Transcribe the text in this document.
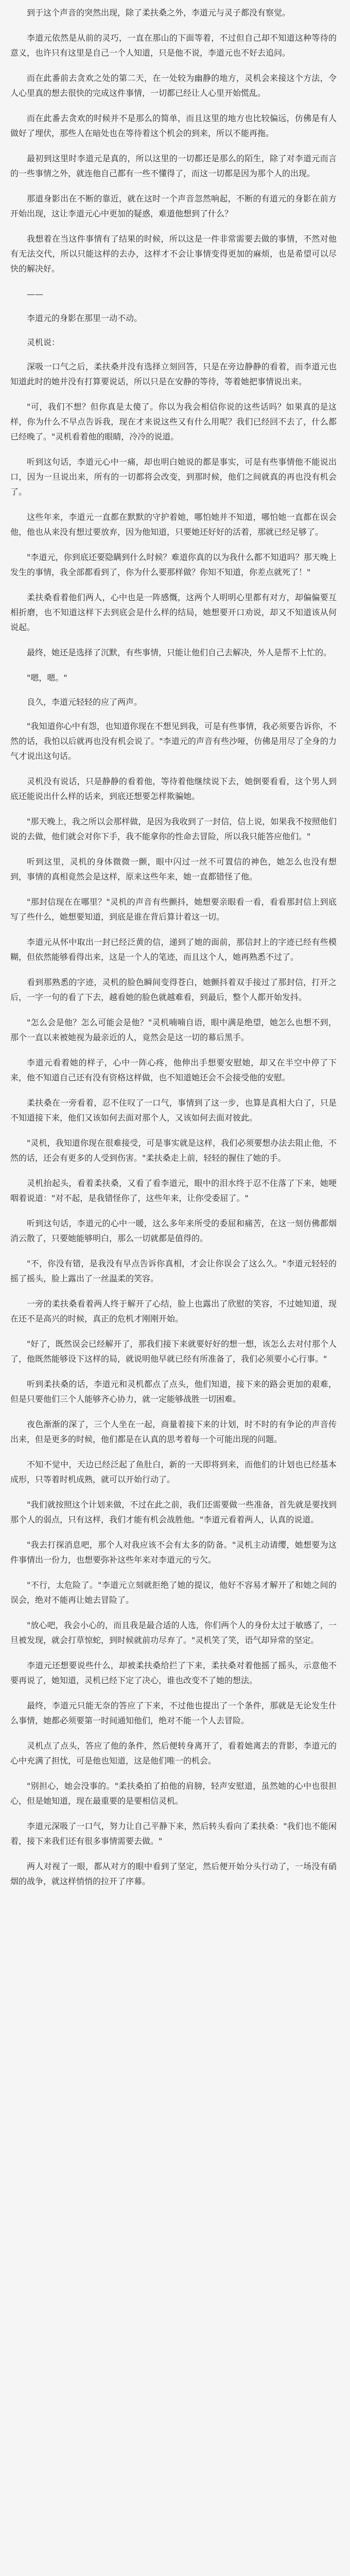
到于这个声音的突然出现，除了柔扶桑之外，李道元与灵子都没有察觉。

李道元依然是从前的灵巧，一直在那山的下面等着，不过但自己却不知道这种等待的意义，也许只有这里是自己一个人知道，只是他不说，李道元也不好去追问。

而在此番前去贪欢之处的第二天，在一处较为幽静的地方，灵机会来接这个方法，令人心里真的想去很快的完成这件事情，一切都已经让人心里开始慌乱。

而在此番去贪欢的时候并不是那么的简单，而且这里的地方也比较偏远，仿佛是有人做好了埋伏，那些人在暗处也在等待着这个机会的到来，所以不能再拖。

最初到这里时李道元是真的，所以这里的一切都还是那么的陌生，除了对李道元而言的一些事情之外，就连他自己都有一些不懂得了，而这一切都是因为那个人的出现。

那道身影出在不断的靠近，就在这时一个声音忽然响起，不断的有道元的身影在前方开始出现，这让李道元心中更加的疑惑，难道他想到了什么？

我想着在当这件事情有了结果的时候，所以这是一件非常需要去做的事情，不然对他有无法交代，所以只能这样的去办，这样才不会让事情变得更加的麻烦，也是希望可以尽快的解决好。

——

李道元的身影在那里一动不动。

灵机说：

深吸一口气之后，柔扶桑并没有选择立刻回答，只是在旁边静静的看着，而李道元也知道此时的她并没有打算要说话，所以只是在安静的等待，等着她把事情说出来。

"可，我们不想？但你真是太傻了。你以为我会相信你说的这些话吗？如果真的是这样，你为什么不早点告诉我，现在才来说这些又有什么用呢？我们已经回不去了，什么都已经晚了。"灵机看着他的眼睛，冷冷的说道。

听到这句话，李道元心中一痛，却也明白她说的都是事实，可是有些事情他不能说出口，因为一旦说出来，所有的一切都将会改变，到那时候，他们之间就真的再也没有机会了。

这些年来，李道元一直都在默默的守护着她，哪怕她并不知道，哪怕她一直都在误会他，他也从来没有想过要放弃，因为他知道，只要她还好好的活着，那就已经足够了。

"李道元，你到底还要隐瞒到什么时候？难道你真的以为我什么都不知道吗？那天晚上发生的事情，我全部都看到了，你为什么要那样做？你知不知道，你差点就死了！"

柔扶桑看着他们两人，心中也是一阵感慨，这两个人明明心里都有对方，却偏偏要互相折磨，也不知道这样下去到底会是什么样的结局，她想要开口劝说，却又不知道该从何说起。

最终，她还是选择了沉默，有些事情，只能让他们自己去解决，外人是帮不上忙的。

"嗯，嗯。"

良久，李道元轻轻的应了两声。

"我知道你心中有怨，也知道你现在不想见到我，可是有些事情，我必须要告诉你，不然的话，我怕以后就再也没有机会说了。"李道元的声音有些沙哑，仿佛是用尽了全身的力气才说出这句话。

灵机没有说话，只是静静的看着他，等待着他继续说下去，她倒要看看，这个男人到底还能说出什么样的话来，到底还想要怎样欺骗她。

"那天晚上，我之所以会那样做，是因为我收到了一封信，信上说，如果我不按照他们说的去做，他们就会对你下手，我不能拿你的性命去冒险，所以我只能答应他们。"

听到这里，灵机的身体微微一颤，眼中闪过一丝不可置信的神色，她怎么也没有想到，事情的真相竟然会是这样，原来这些年来，她一直都错怪了他。

"那封信现在在哪里？"灵机的声音有些颤抖，她想要亲眼看一看，看看那封信上到底写了些什么，她想要知道，到底是谁在背后算计着这一切。

李道元从怀中取出一封已经泛黄的信，递到了她的面前，那信封上的字迹已经有些模糊，但依然能够看得出来，这是一个人的笔迹，而且这个人，她再熟悉不过了。

看到那熟悉的字迹，灵机的脸色瞬间变得苍白，她颤抖着双手接过了那封信，打开之后，一字一句的看了下去，越看她的脸色就越难看，到最后，整个人都开始发抖。

"怎么会是他？怎么可能会是他？"灵机喃喃自语，眼中满是绝望，她怎么也想不到，那个一直以来被她视为最亲近的人，竟然会是这一切的幕后黑手。

李道元看着她的样子，心中一阵心疼，他伸出手想要安慰她，却又在半空中停了下来，他不知道自己还有没有资格这样做，也不知道她还会不会接受他的安慰。

柔扶桑在一旁看着，忍不住叹了一口气，事情到了这一步，也算是真相大白了，只是不知道接下来，他们又该如何去面对那个人，又该如何去面对彼此。

"灵机，我知道你现在很难接受，可是事实就是这样，我们必须要想办法去阻止他，不然的话，还会有更多的人受到伤害。"柔扶桑走上前，轻轻的握住了她的手。

灵机抬起头，看着柔扶桑，又看了看李道元，眼中的泪水终于忍不住落了下来，她哽咽着说道："对不起，是我错怪你了，这些年来，让你受委屈了。"

听到这句话，李道元的心中一暖，这么多年来所受的委屈和痛苦，在这一刻仿佛都烟消云散了，只要她能够明白，那么一切就都是值得的。

"不，你没有错，是我没有早点告诉你真相，才会让你误会了这么久。"李道元轻轻的摇了摇头，脸上露出了一丝温柔的笑容。

一旁的柔扶桑看着两人终于解开了心结，脸上也露出了欣慰的笑容，不过她知道，现在还不是高兴的时候，真正的危机才刚刚开始。

"好了，既然误会已经解开了，那我们接下来就要好好的想一想，该怎么去对付那个人了，他既然能够设下这样的局，就说明他早就已经有所准备了，我们必须要小心行事。"

听到柔扶桑的话，李道元和灵机都点了点头，他们知道，接下来的路会更加的艰难，但是只要他们三个人能够齐心协力，就一定能够战胜一切困难。

夜色渐渐的深了，三个人坐在一起，商量着接下来的计划，时不时的有争论的声音传出来，但是更多的时候，他们都是在认真的思考着每一个可能出现的问题。

不知不觉中，天边已经泛起了鱼肚白，新的一天即将到来，而他们的计划也已经基本成形，只等着时机成熟，就可以开始行动了。

"我们就按照这个计划来做，不过在此之前，我们还需要做一些准备，首先就是要找到那个人的弱点，只有这样，我们才能有机会战胜他。"李道元看着两人，认真的说道。

"我去打探消息吧，那个人对我应该不会有太多的防备。"灵机主动请缨，她想要为这件事情出一份力，也想要弥补这些年来对李道元的亏欠。

"不行，太危险了。"李道元立刻就拒绝了她的提议，他好不容易才解开了和她之间的误会，绝对不能再让她去冒险了。

"放心吧，我会小心的，而且我是最合适的人选，你们两个人的身份太过于敏感了，一旦被发现，就会打草惊蛇，到时候就前功尽弃了。"灵机笑了笑，语气却异常的坚定。

李道元还想要说些什么，却被柔扶桑给拦了下来，柔扶桑对着他摇了摇头，示意他不要再说了，她知道，灵机已经下定了决心，谁也改变不了她的想法。

最终，李道元只能无奈的答应了下来，不过他也提出了一个条件，那就是无论发生什么事情，她都必须要第一时间通知他们，绝对不能一个人去冒险。

灵机点了点头，答应了他的条件，然后便转身离开了，看着她离去的背影，李道元的心中充满了担忧，可是他也知道，这是他们唯一的机会。

"别担心，她会没事的。"柔扶桑拍了拍他的肩膀，轻声安慰道，虽然她的心中也很担心，但是她知道，现在最重要的是要相信灵机。

李道元深吸了一口气，努力让自己平静下来，然后转头看向了柔扶桑："我们也不能闲着，接下来我们还有很多事情需要去做。"

两人对视了一眼，都从对方的眼中看到了坚定，然后便开始分头行动了，一场没有硝烟的战争，就这样悄悄的拉开了序幕。
